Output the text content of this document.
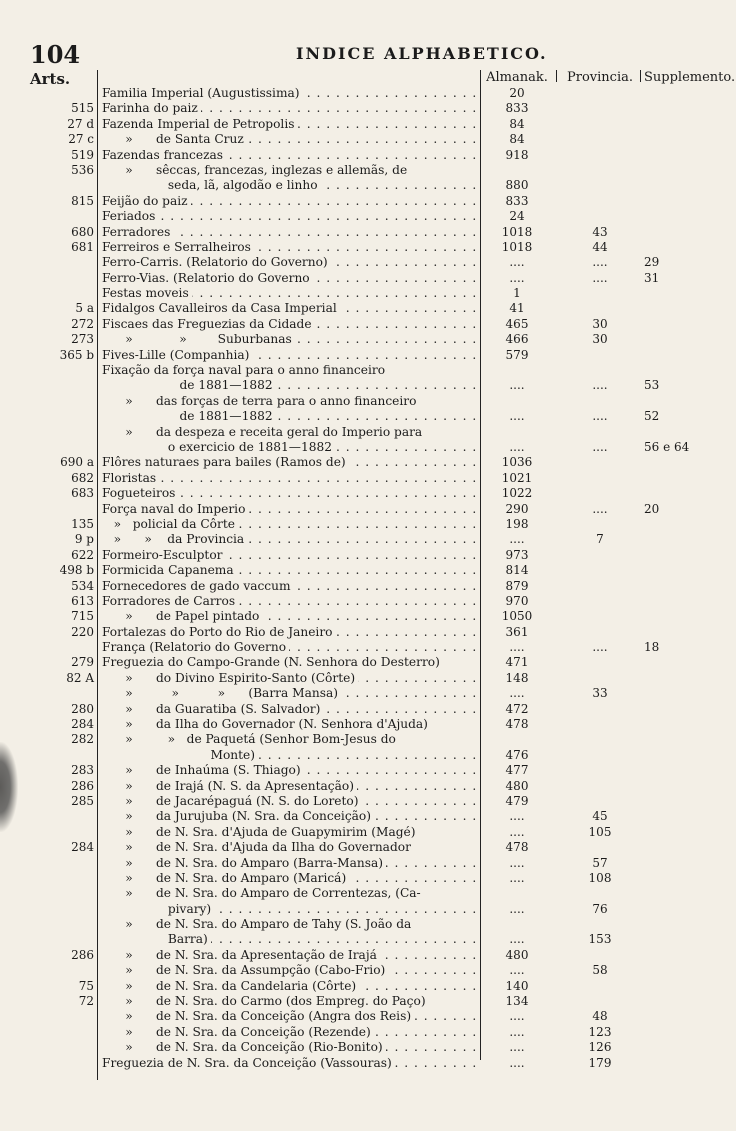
104	INDICE ALPHABETICO.
Arts.	Almanak.	Provincia. Supplemento.
Familia Imperial (Augustissima) . . .	20
515 Farinha do paiz . . .	833
27 d Fazenda Imperial de Petropolis . . .	84
27 c »      de Santa Cruz . . .	84
519 Fazendas francezas . . .	918
536 »      sêccas, francezas, inglezas e allemãs, de
seda, lã, algodão e linho . . .	880
815 Feijão do paiz . . .	833
Feriados . . .	24
680 Ferradores . . .	1018	43
681 Ferreiros e Serralheiros . . .	1018	44
Ferro-Carris. (Relatorio do Governo) . . .	....	....	29
Ferro-Vias. (Relatorio do Governo . . .	....	....	31
Festas moveis . . .	1
5 a Fidalgos Cavalleiros da Casa Imperial . . .	41
272 Fiscaes das Freguezias da Cidade . . .	465	30
273 »            »        Suburbanas . . .	466	30
365 b Fives-Lille (Companhia) . . .	579
Fixação da força naval para o anno financeiro
de 1881—1882 . . .	....	....	53
»      das forças de terra para o anno financeiro
de 1881—1882 . . .	....	....	52
»      da despeza e receita geral do Imperio para
o exercicio de 1881—1882 . . .	....	....	56 e 64
690 a Flôres naturaes para bailes (Ramos de) . . .	1036
682 Floristas . . .	1021
683 Fogueteiros . . .	1022
Força naval do Imperio . . .	290	....	20
135 »   policial da Côrte . . .	198
9 p »      »    da Provincia . . .	....	7
622 Formeiro-Esculptor . . .	973
498 b Formicida Capanema . . .	814
534 Fornecedores de gado vaccum . . .	879
613 Forradores de Carros . . .	970
715 »      de Papel pintado . . .	1050
220 Fortalezas do Porto do Rio de Janeiro . . .	361
França (Relatorio do Governo . . .	....	....	18
279 Freguezia do Campo-Grande (N. Senhora do Desterro)	471
82 A »      do Divino Espirito-Santo (Côrte) . . .	148
»          »          »      (Barra Mansa) . . .	....	33
280 »      da Guaratiba (S. Salvador) . . .	472
284 »      da Ilha do Governador (N. Senhora d'Ajuda)	478
282 »         »   de Paquetá (Senhor Bom-Jesus do
Monte) . . .	476
283 »      de Inhaúma (S. Thiago) . . .	477
286 »      de Irajá (N. S. da Apresentação) . . .	480
285 »      de Jacarépaguá (N. S. do Loreto) . . .	479
»      da Jurujuba (N. Sra. da Conceição) . . .	....	45
»      de N. Sra. d'Ajuda de Guapymirim (Magé)	....	105
284 »      de N. Sra. d'Ajuda da Ilha do Governador	478
»      de N. Sra. do Amparo (Barra-Mansa) . . .	....	57
»      de N. Sra. do Amparo (Maricá) . . .	....	108
»      de N. Sra. do Amparo de Correntezas, (Ca-
pivary) . . .	....	76
»      de N. Sra. do Amparo de Tahy (S. João da
Barra) . . .	....	153
286 »      de N. Sra. da Apresentação de Irajá . . .	480
»      de N. Sra. da Assumpção (Cabo-Frio) . . .	....	58
75 »      de N. Sra. da Candelaria (Côrte) . . .	140
72 »      de N. Sra. do Carmo (dos Empreg. do Paço)	134
»      de N. Sra. da Conceição (Angra dos Reis) . . .	....	48
»      de N. Sra. da Conceição (Rezende) . . .	....	123
»      de N. Sra. da Conceição (Rio-Bonito) . . .	....	126
Freguezia de N. Sra. da Conceição (Vassouras) . . .	....	179
